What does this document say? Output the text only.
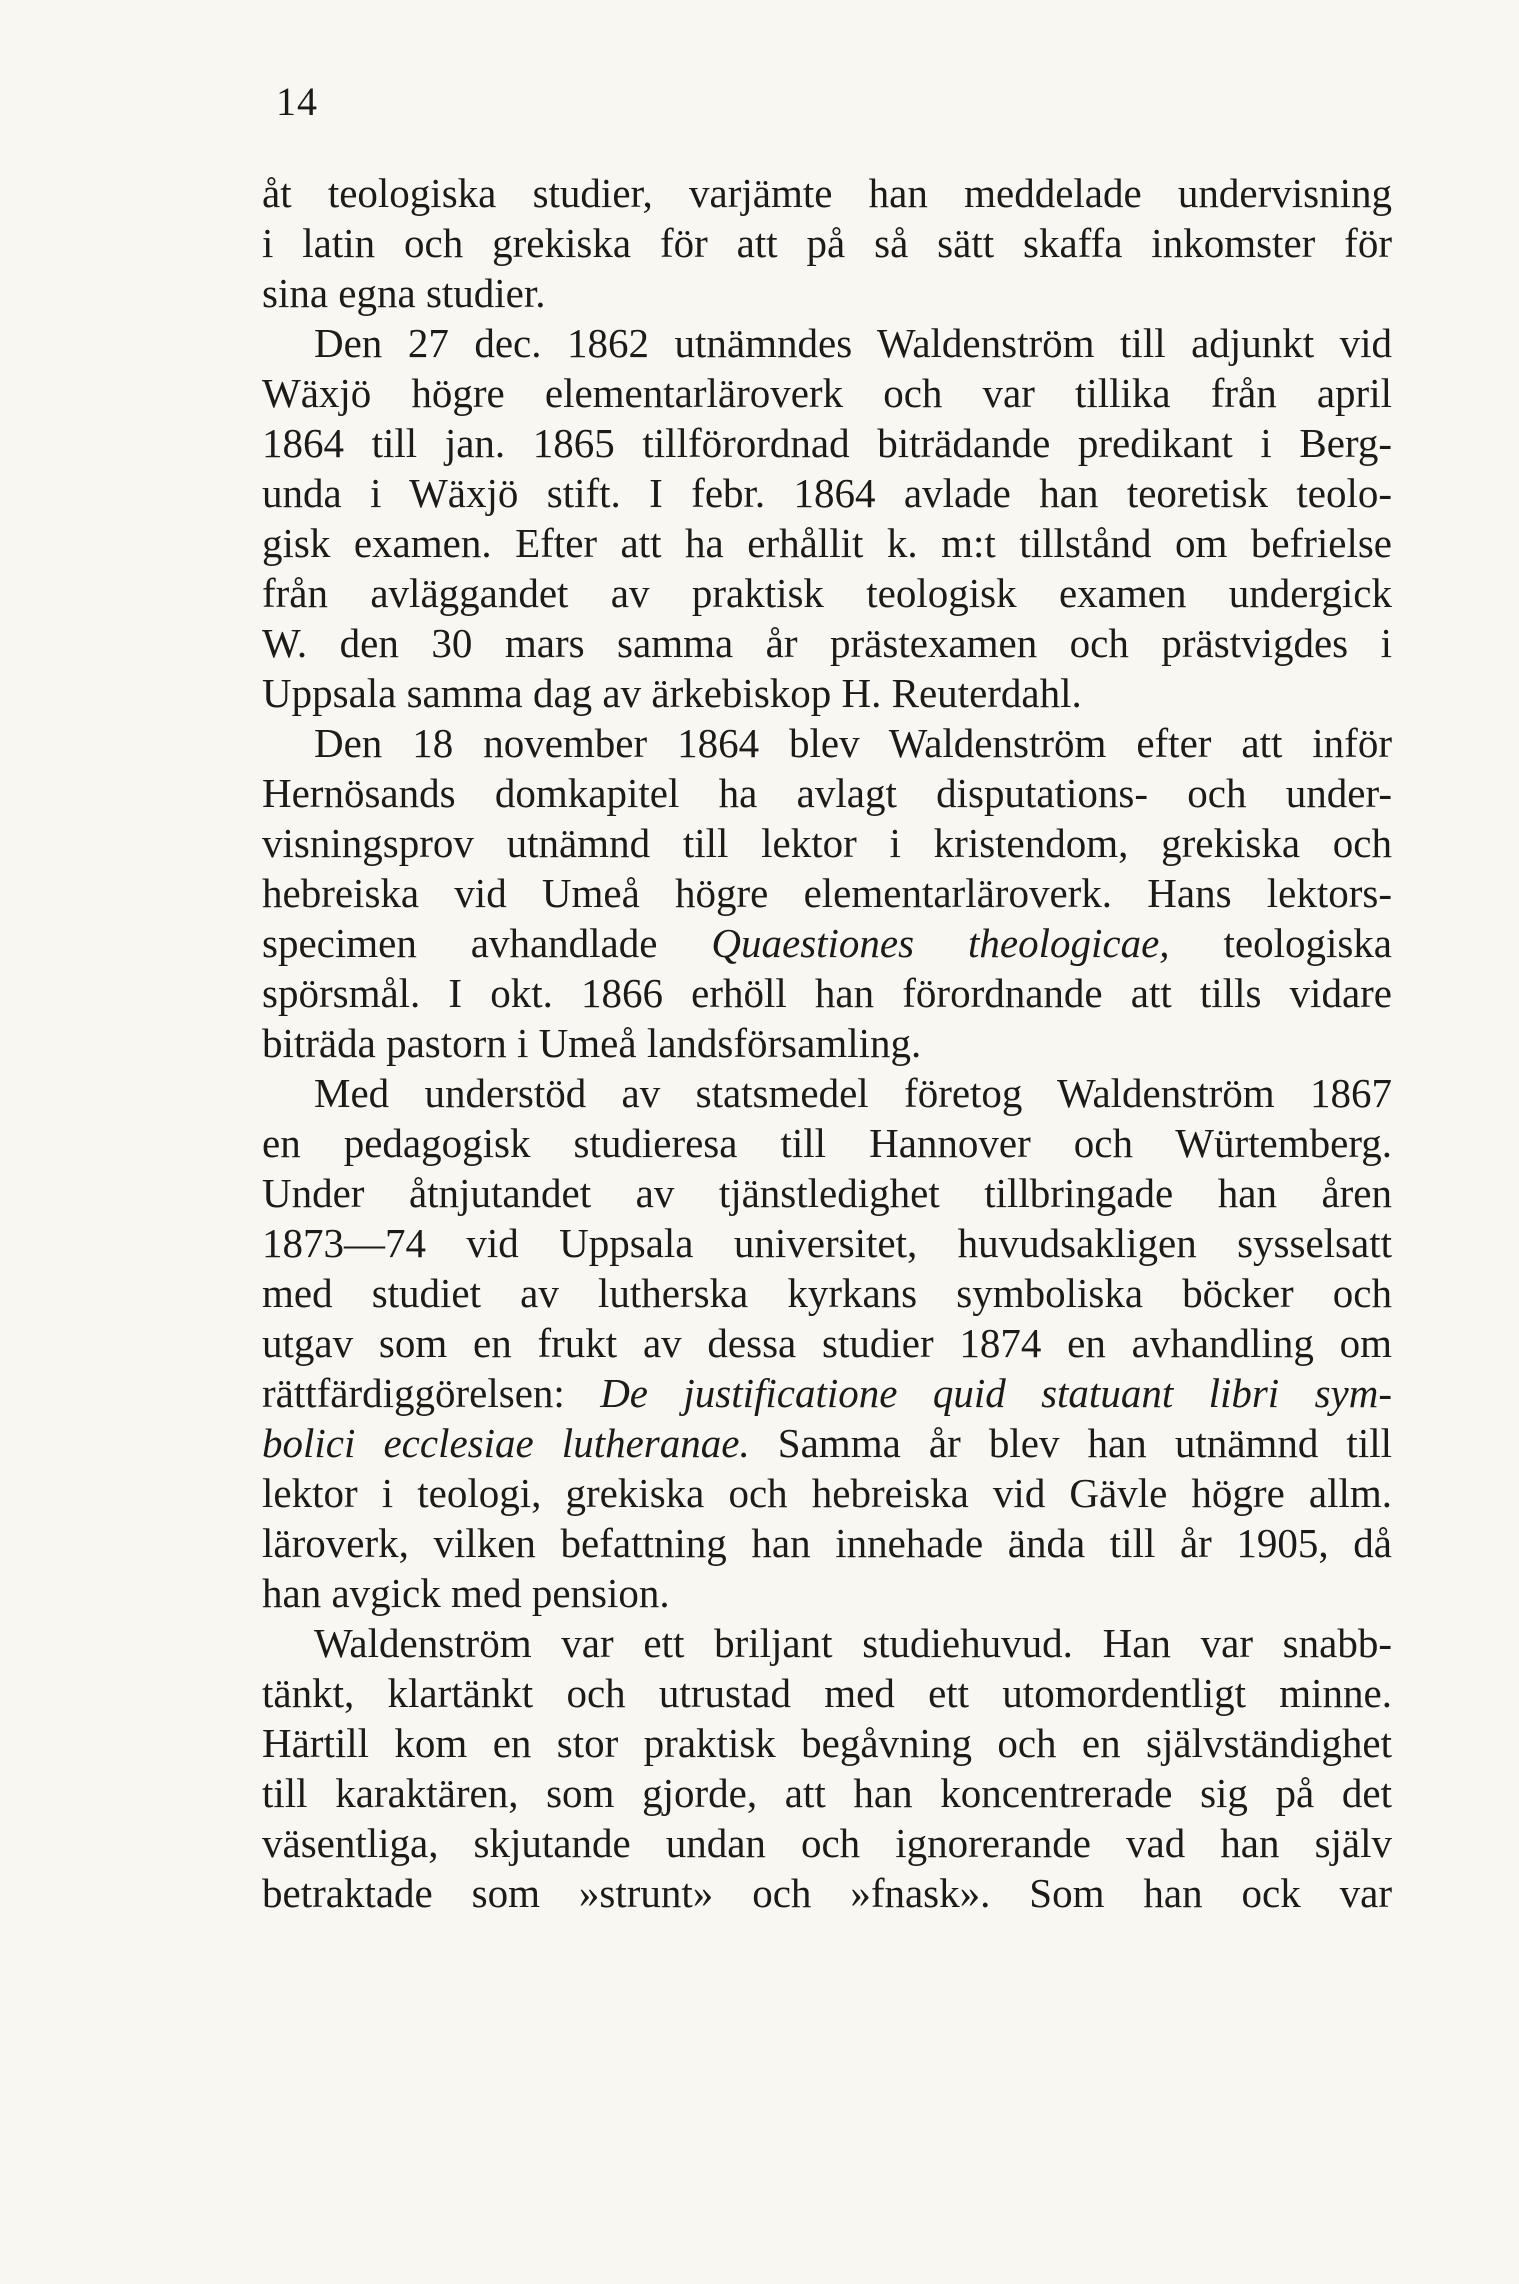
14
åt teologiska studier, varjämte han meddelade undervisning
i latin och grekiska för att på så sätt skaffa inkomster för
sina egna studier.
Den 27 dec. 1862 utnämndes Waldenström till adjunkt vid
Wäxjö högre elementarläroverk och var tillika från april
1864 till jan. 1865 tillförordnad biträdande predikant i Berg-
unda i Wäxjö stift. I febr. 1864 avlade han teoretisk teolo-
gisk examen. Efter att ha erhållit k. m:t tillstånd om befrielse
från avläggandet av praktisk teologisk examen undergick
W. den 30 mars samma år prästexamen och prästvigdes i
Uppsala samma dag av ärkebiskop H. Reuterdahl.
Den 18 november 1864 blev Waldenström efter att inför
Hernösands domkapitel ha avlagt disputations- och under-
visningsprov utnämnd till lektor i kristendom, grekiska och
hebreiska vid Umeå högre elementarläroverk. Hans lektors-
specimen avhandlade Quaestiones theologicae, teologiska
spörsmål. I okt. 1866 erhöll han förordnande att tills vidare
biträda pastorn i Umeå landsförsamling.
Med understöd av statsmedel företog Waldenström 1867
en pedagogisk studieresa till Hannover och Würtemberg.
Under åtnjutandet av tjänstledighet tillbringade han åren
1873—74 vid Uppsala universitet, huvudsakligen sysselsatt
med studiet av lutherska kyrkans symboliska böcker och
utgav som en frukt av dessa studier 1874 en avhandling om
rättfärdiggörelsen: De justificatione quid statuant libri sym-
bolici ecclesiae lutheranae. Samma år blev han utnämnd till
lektor i teologi, grekiska och hebreiska vid Gävle högre allm.
läroverk, vilken befattning han innehade ända till år 1905, då
han avgick med pension.
Waldenström var ett briljant studiehuvud. Han var snabb-
tänkt, klartänkt och utrustad med ett utomordentligt minne.
Härtill kom en stor praktisk begåvning och en självständighet
till karaktären, som gjorde, att han koncentrerade sig på det
väsentliga, skjutande undan och ignorerande vad han själv
betraktade som »strunt» och »fnask». Som han ock var
